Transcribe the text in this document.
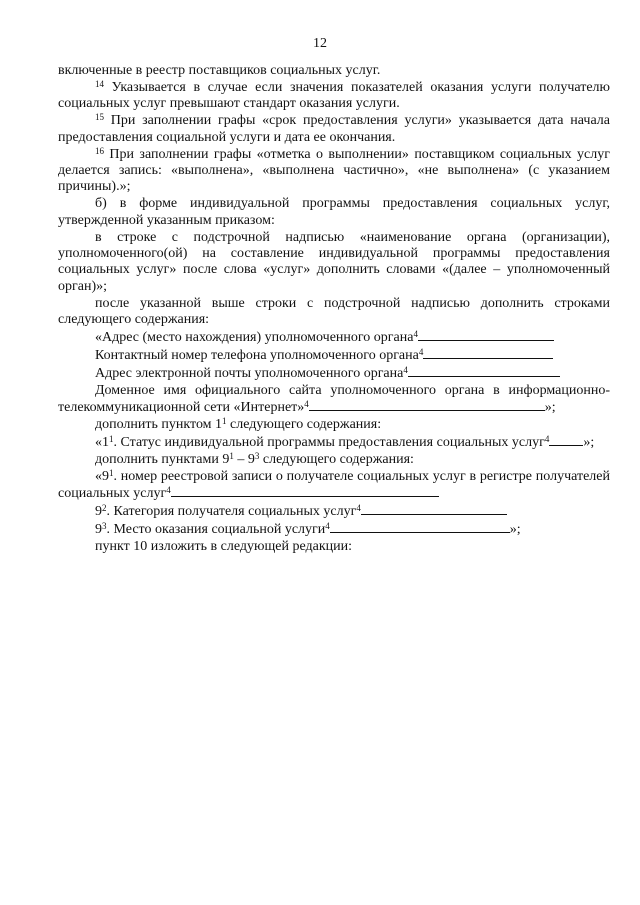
12

включенные в реестр поставщиков социальных услуг.

$^{14}$ Указывается в случае если значения показателей оказания услуги получателю социальных услуг превышают стандарт оказания услуги.

$^{15}$ При заполнении графы «срок предоставления услуги» указывается дата начала предоставления социальной услуги и дата ее окончания.

$^{16}$ При заполнении графы «отметка о выполнении» поставщиком социальных услуг делается запись: «выполнена», «выполнена частично», «не выполнена» (с указанием причины).»;

б) в форме индивидуальной программы предоставления социальных услуг, утвержденной указанным приказом:

в строке с подстрочной надписью «наименование органа (организации), уполномоченного(ой) на составление индивидуальной программы предоставления социальных услуг» после слова «услуг» дополнить словами «(далее – уполномоченный орган)»;

после указанной выше строки с подстрочной надписью дополнить строками следующего содержания:

«Адрес (место нахождения) уполномоченного органа$^4$

Контактный номер телефона уполномоченного органа$^4$

Адрес электронной почты уполномоченного органа$^4$

Доменное имя официального сайта уполномоченного органа в информационно-телекоммуникационной сети «Интернет»$^4$	»;

дополнить пунктом $1^1$ следующего содержания:

«$1^1$. Статус индивидуальной программы предоставления социальных услуг$^4$ »;

дополнить пунктами $9^1 - 9^3$ следующего содержания:

«$9^1$. номер реестровой записи о получателе социальных услуг в регистре получателей социальных услуг$^4$

$9^2$. Категория получателя социальных услуг$^4$

$9^3$. Место оказания социальной услуги$^4$	»;

пункт 10 изложить в следующей редакции:
